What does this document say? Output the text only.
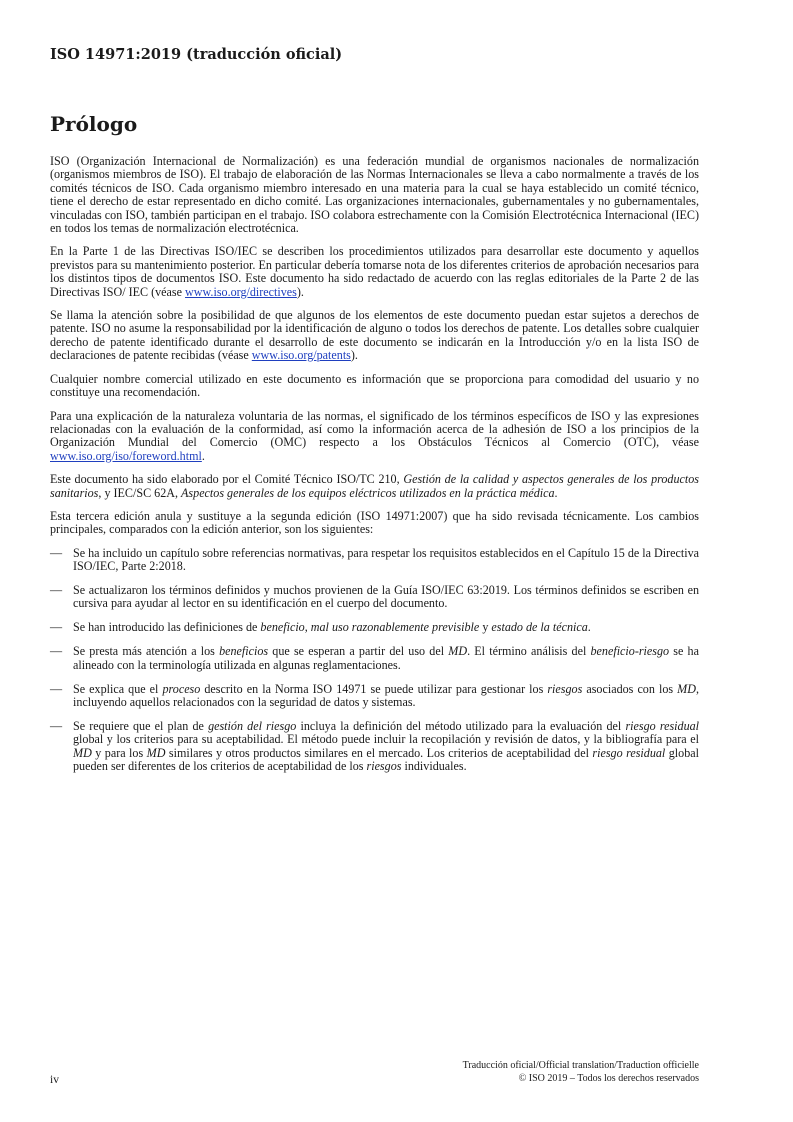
ISO 14971:2019 (traducción oficial)
Prólogo

ISO (Organización Internacional de Normalización) es una federación mundial de organismos nacionales de normalización (organismos miembros de ISO). El trabajo de elaboración de las Normas Internacionales se lleva a cabo normalmente a través de los comités técnicos de ISO. Cada organismo miembro interesado en una materia para la cual se haya establecido un comité técnico, tiene el derecho de estar representado en dicho comité. Las organizaciones internacionales, gubernamentales y no gubernamentales, vinculadas con ISO, también participan en el trabajo. ISO colabora estrechamente con la Comisión Electrotécnica Internacional (IEC) en todos los temas de normalización electrotécnica.

En la Parte 1 de las Directivas ISO/IEC se describen los procedimientos utilizados para desarrollar este documento y aquellos previstos para su mantenimiento posterior. En particular debería tomarse nota de los diferentes criterios de aprobación necesarios para los distintos tipos de documentos ISO. Este documento ha sido redactado de acuerdo con las reglas editoriales de la Parte 2 de las Directivas ISO/ IEC (véase www.iso.org/directives).

Se llama la atención sobre la posibilidad de que algunos de los elementos de este documento puedan estar sujetos a derechos de patente. ISO no asume la responsabilidad por la identificación de alguno o todos los derechos de patente. Los detalles sobre cualquier derecho de patente identificado durante el desarrollo de este documento se indicarán en la Introducción y/o en la lista ISO de declaraciones de patente recibidas (véase www.iso.org/patents).

Cualquier nombre comercial utilizado en este documento es información que se proporciona para comodidad del usuario y no constituye una recomendación.

Para una explicación de la naturaleza voluntaria de las normas, el significado de los términos específicos de ISO y las expresiones relacionadas con la evaluación de la conformidad, así como la información acerca de la adhesión de ISO a los principios de la Organización Mundial del Comercio (OMC) respecto a los Obstáculos Técnicos al Comercio (OTC), véase www.iso.org/iso/foreword.html.

Este documento ha sido elaborado por el Comité Técnico ISO/TC 210, Gestión de la calidad y aspectos generales de los productos sanitarios, y IEC/SC 62A, Aspectos generales de los equipos eléctricos utilizados en la práctica médica.

Esta tercera edición anula y sustituye a la segunda edición (ISO 14971:2007) que ha sido revisada técnicamente. Los cambios principales, comparados con la edición anterior, son los siguientes:

— Se ha incluido un capítulo sobre referencias normativas, para respetar los requisitos establecidos en el Capítulo 15 de la Directiva ISO/IEC, Parte 2:2018.
— Se actualizaron los términos definidos y muchos provienen de la Guía ISO/IEC 63:2019. Los términos definidos se escriben en cursiva para ayudar al lector en su identificación en el cuerpo del documento.
— Se han introducido las definiciones de beneficio, mal uso razonablemente previsible y estado de la técnica.
— Se presta más atención a los beneficios que se esperan a partir del uso del MD. El término análisis del beneficio-riesgo se ha alineado con la terminología utilizada en algunas reglamentaciones.
— Se explica que el proceso descrito en la Norma ISO 14971 se puede utilizar para gestionar los riesgos asociados con los MD, incluyendo aquellos relacionados con la seguridad de datos y sistemas.
— Se requiere que el plan de gestión del riesgo incluya la definición del método utilizado para la evaluación del riesgo residual global y los criterios para su aceptabilidad. El método puede incluir la recopilación y revisión de datos, y la bibliografía para el MD y para los MD similares y otros productos similares en el mercado. Los criterios de aceptabilidad del riesgo residual global pueden ser diferentes de los criterios de aceptabilidad de los riesgos individuales.
Traducción oficial/Official translation/Traduction officielle
© ISO 2019 – Todos los derechos reservados
iv
